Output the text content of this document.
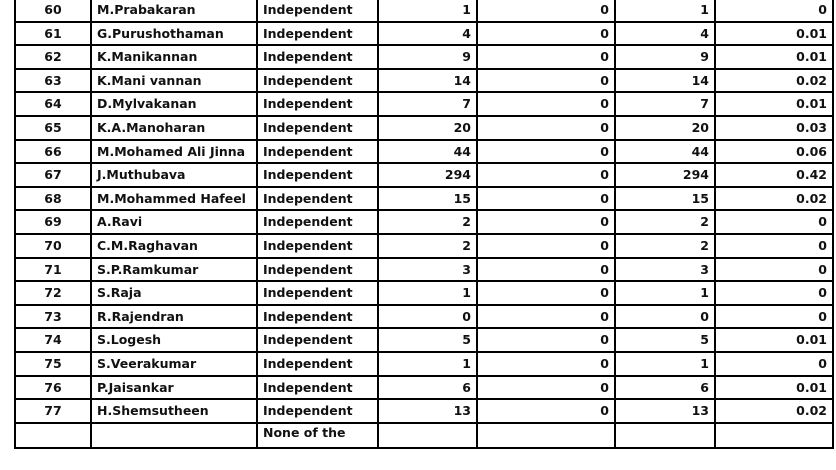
60	M.Prabakaran	Independent	1	0	1	0
61	G.Purushothaman	Independent	4	0	4	0.01
62	K.Manikannan	Independent	9	0	9	0.01
63	K.Mani vannan	Independent	14	0	14	0.02
64	D.Mylvakanan	Independent	7	0	7	0.01
65	K.A.Manoharan	Independent	20	0	20	0.03
66	M.Mohamed Ali Jinna	Independent	44	0	44	0.06
67	J.Muthubava	Independent	294	0	294	0.42
68	M.Mohammed Hafeel	Independent	15	0	15	0.02
69	A.Ravi	Independent	2	0	2	0
70	C.M.Raghavan	Independent	2	0	2	0
71	S.P.Ramkumar	Independent	3	0	3	0
72	S.Raja	Independent	1	0	1	0
73	R.Rajendran	Independent	0	0	0	0
74	S.Logesh	Independent	5	0	5	0.01
75	S.Veerakumar	Independent	1	0	1	0
76	P.Jaisankar	Independent	6	0	6	0.01
77	H.Shemsutheen	Independent	13	0	13	0.02
		None of the				
